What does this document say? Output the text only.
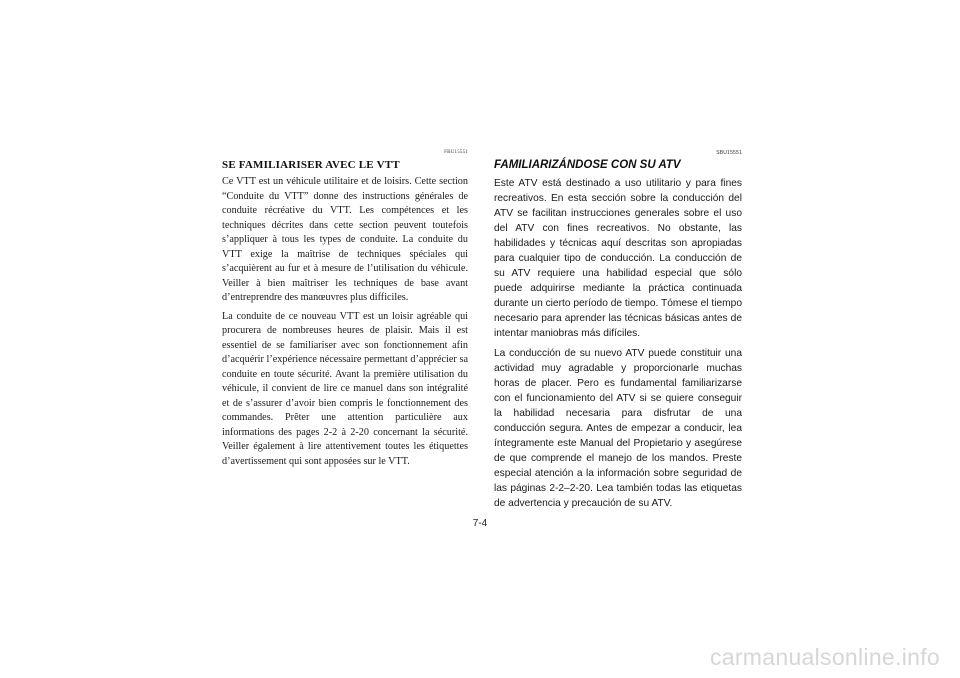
FBU15551
SE FAMILIARISER AVEC LE VTT

Ce VTT est un véhicule utilitaire et de loisirs. Cette section “Conduite du VTT” donne des instructions générales de conduite récréative du VTT. Les compétences et les techniques décrites dans cette section peuvent toutefois s’appliquer à tous les types de conduite. La conduite du VTT exige la maîtrise de techniques spéciales qui s’acquièrent au fur et à mesure de l’utilisation du véhicule. Veiller à bien maîtriser les techniques de base avant d’entreprendre des manœuvres plus difficiles.

La conduite de ce nouveau VTT est un loisir agréable qui procurera de nombreuses heures de plaisir. Mais il est essentiel de se familiariser avec son fonctionnement afin d’acquérir l’expérience nécessaire permettant d’apprécier sa conduite en toute sécurité. Avant la première utilisation du véhicule, il convient de lire ce manuel dans son intégralité et de s’assurer d’avoir bien compris le fonctionnement des commandes. Prêter une attention particulière aux informations des pages 2-2 à 2-20 concernant la sécurité. Veiller également à lire attentivement toutes les étiquettes d’avertissement qui sont apposées sur le VTT.

SBU15551
FAMILIARIZÁNDOSE CON SU ATV

Este ATV está destinado a uso utilitario y para fines recreativos. En esta sección sobre la conducción del ATV se facilitan instrucciones generales sobre el uso del ATV con fines recreativos. No obstante, las habilidades y técnicas aquí descritas son apropiadas para cualquier tipo de conducción. La conducción de su ATV requiere una habilidad especial que sólo puede adquirirse mediante la práctica continuada durante un cierto período de tiempo. Tómese el tiempo necesario para aprender las técnicas básicas antes de intentar maniobras más difíciles.

La conducción de su nuevo ATV puede constituir una actividad muy agradable y proporcionarle muchas horas de placer. Pero es fundamental familiarizarse con el funcionamiento del ATV si se quiere conseguir la habilidad necesaria para disfrutar de una conducción segura. Antes de empezar a conducir, lea íntegramente este Manual del Propietario y asegúrese de que comprende el manejo de los mandos. Preste especial atención a la información sobre seguridad de las páginas 2-2–2-20. Lea también todas las etiquetas de advertencia y precaución de su ATV.

7-4
carmanualsonline.info
